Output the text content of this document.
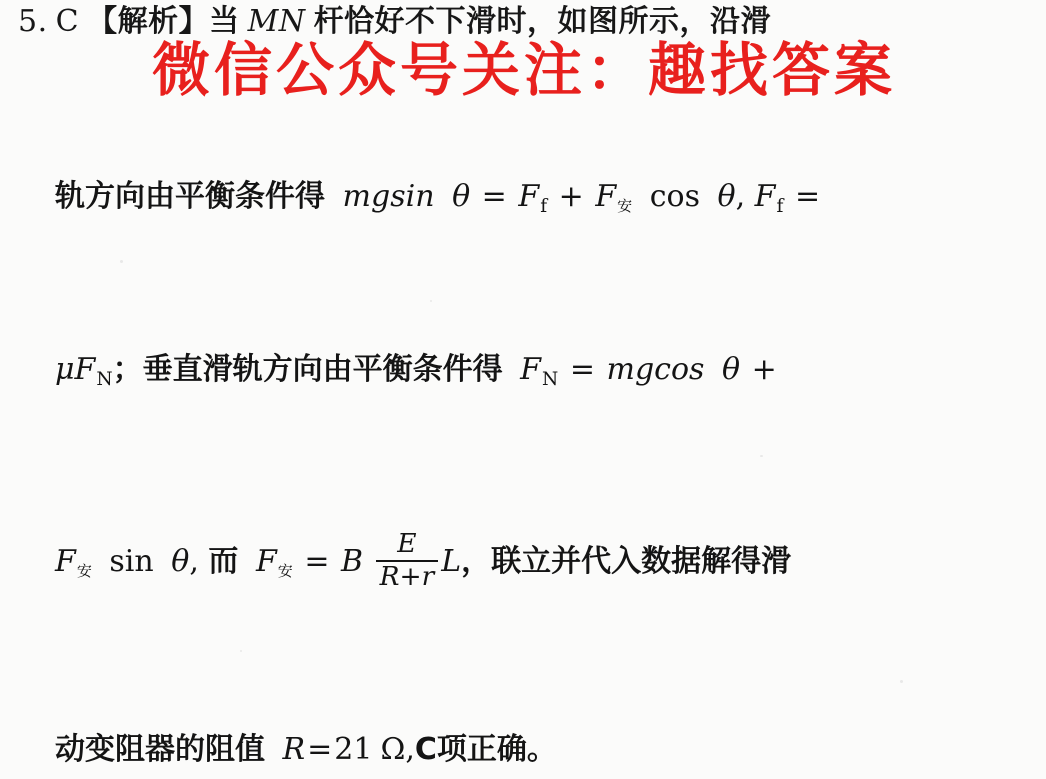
5. C 【解析】当 MN 杆恰好不下滑时，如图所示，沿滑
微信公众号关注：趣找答案
轨方向由平衡条件得 mgsin $\theta = F_f + F_安$ cos θ, $F_f$ =
$\mu F_N$；垂直滑轨方向由平衡条件得 $F_N = mgcos$ θ +
$F_安$ sin θ, 而 $F_安 = B \frac{E}{R+r}$ L，联立并代入数据解得滑
动变阻器的阻值 R=21 Ω,C项正确。
